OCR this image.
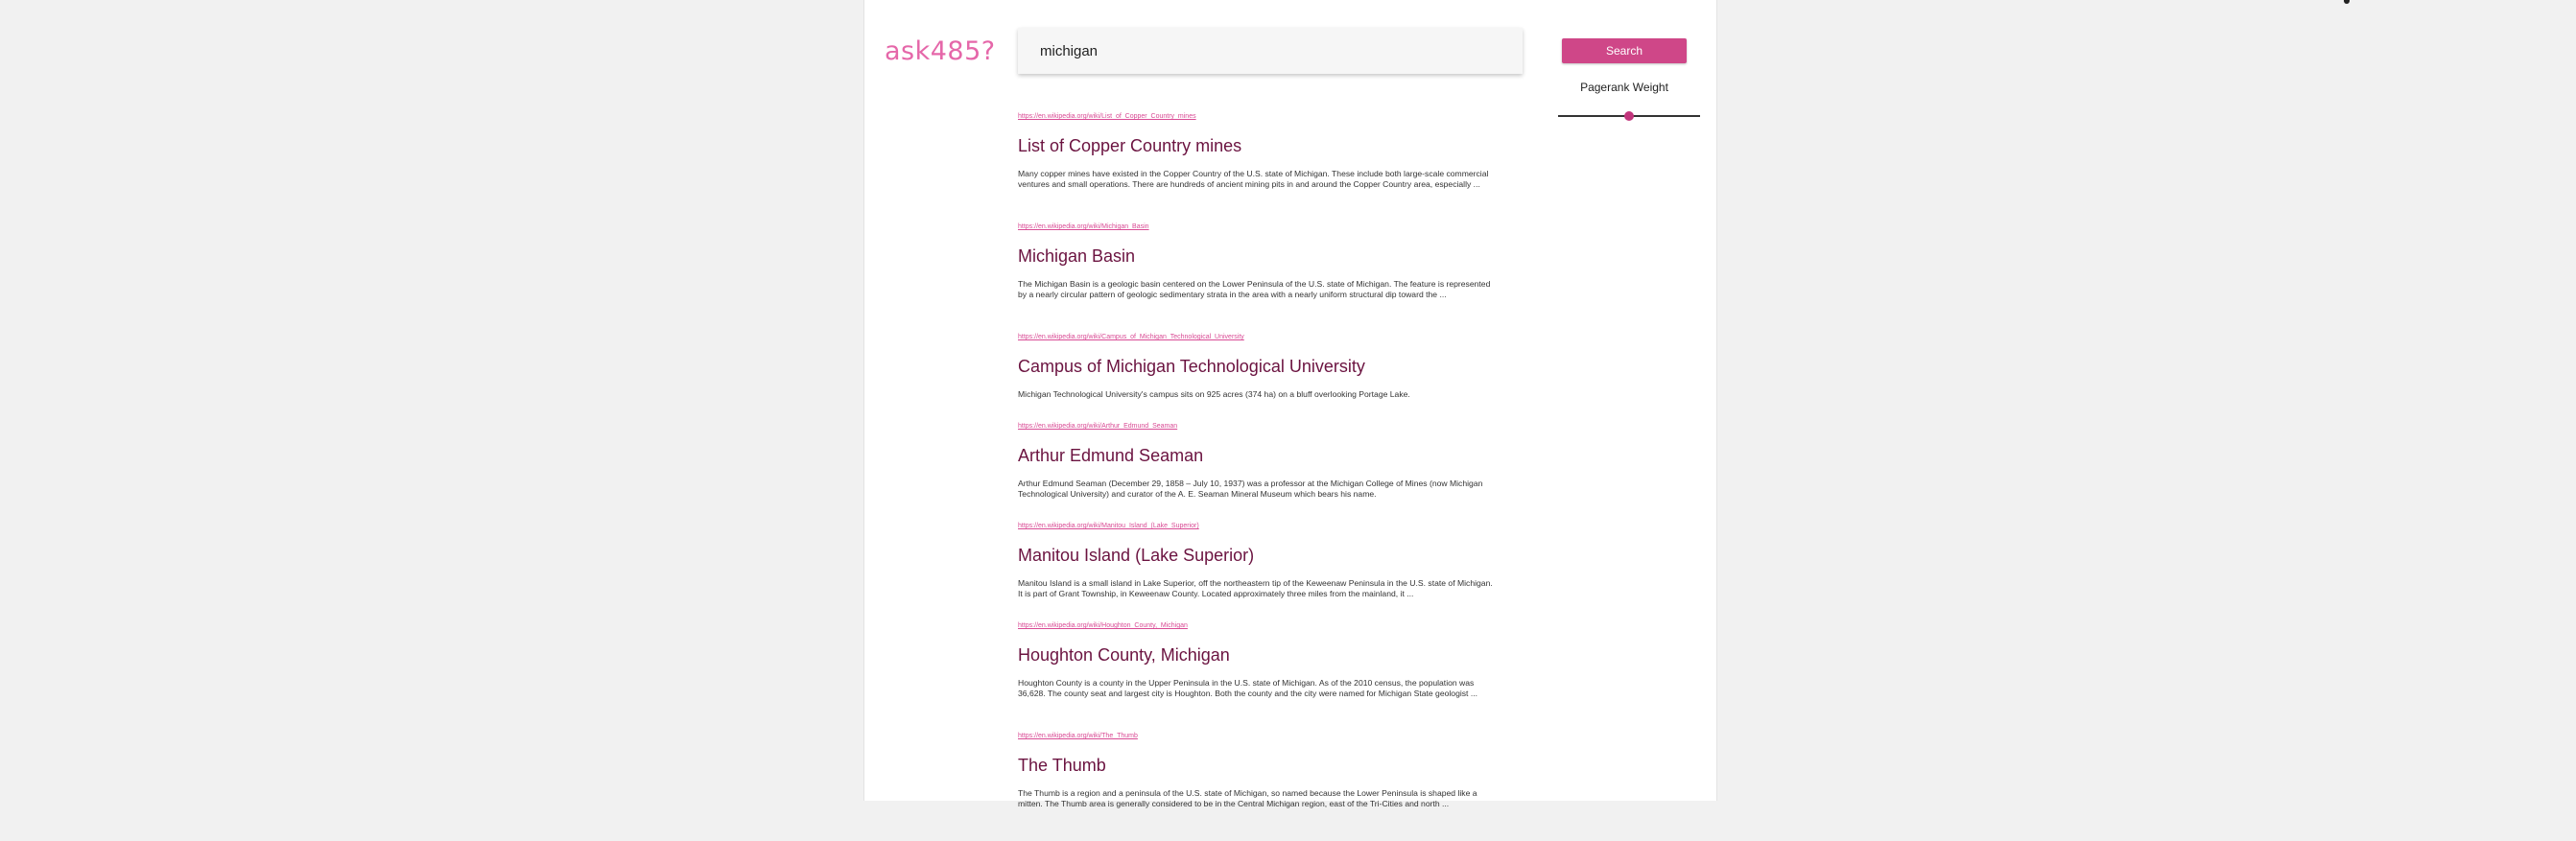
ask485?
michigan	Search
Pagerank Weight
https://en.wikipedia.org/wiki/List_of_Copper_Country_mines
List of Copper Country mines

Many copper mines have existed in the Copper Country of the U.S. state of Michigan. These include both large-scale commercial ventures and small operations. There are hundreds of ancient mining pits in and around the Copper Country area, especially ...

https://en.wikipedia.org/wiki/Michigan_Basin
Michigan Basin

The Michigan Basin is a geologic basin centered on the Lower Peninsula of the U.S. state of Michigan. The feature is represented by a nearly circular pattern of geologic sedimentary strata in the area with a nearly uniform structural dip toward the ...

https://en.wikipedia.org/wiki/Campus_of_Michigan_Technological_University
Campus of Michigan Technological University

Michigan Technological University's campus sits on 925 acres (374 ha) on a bluff overlooking Portage Lake.

https://en.wikipedia.org/wiki/Arthur_Edmund_Seaman
Arthur Edmund Seaman

Arthur Edmund Seaman (December 29, 1858 – July 10, 1937) was a professor at the Michigan College of Mines (now Michigan Technological University) and curator of the A. E. Seaman Mineral Museum which bears his name.

https://en.wikipedia.org/wiki/Manitou_Island_(Lake_Superior)
Manitou Island (Lake Superior)

Manitou Island is a small island in Lake Superior, off the northeastern tip of the Keweenaw Peninsula in the U.S. state of Michigan. It is part of Grant Township, in Keweenaw County. Located approximately three miles from the mainland, it ...

https://en.wikipedia.org/wiki/Houghton_County,_Michigan
Houghton County, Michigan

Houghton County is a county in the Upper Peninsula in the U.S. state of Michigan. As of the 2010 census, the population was 36,628. The county seat and largest city is Houghton. Both the county and the city were named for Michigan State geologist ...

https://en.wikipedia.org/wiki/The_Thumb
The Thumb

The Thumb is a region and a peninsula of the U.S. state of Michigan, so named because the Lower Peninsula is shaped like a mitten. The Thumb area is generally considered to be in the Central Michigan region, east of the Tri-Cities and north ...
